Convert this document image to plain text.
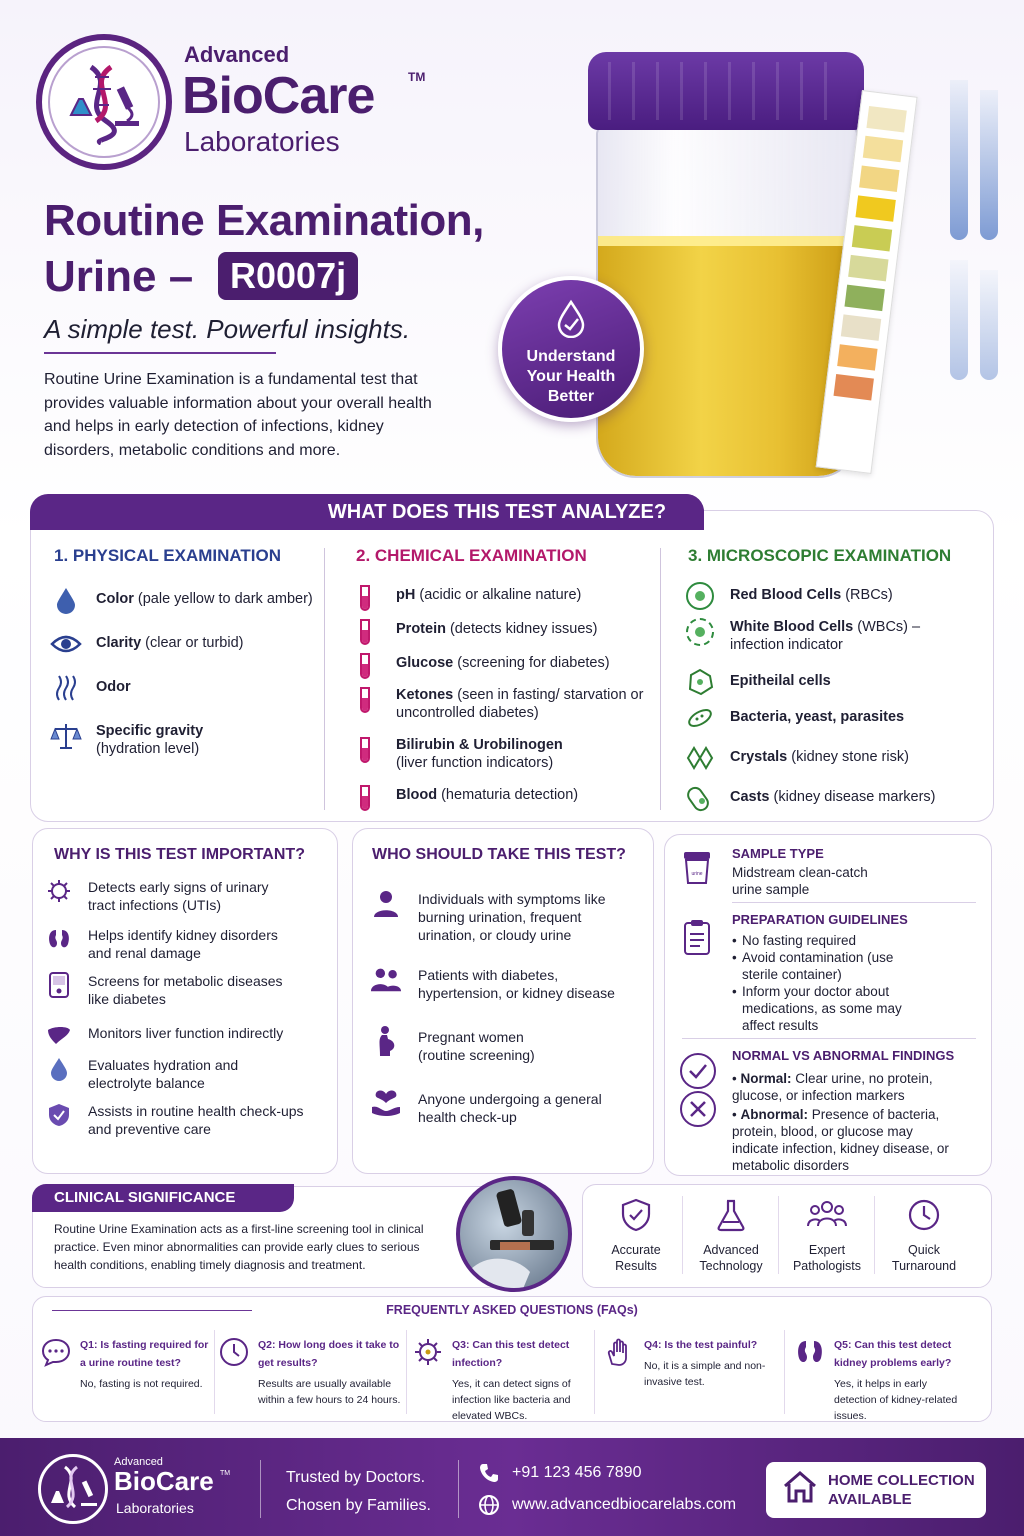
Advanced
BioCare	TM
Laboratories
Routine Examination,
Urine –	R0007j
A simple test. Powerful insights.
Routine Urine Examination is a fundamental test that provides valuable information about your overall health and helps in early detection of infections, kidney disorders, metabolic conditions and more.
Understand Your Health Better
WHAT DOES THIS TEST ANALYZE?
1. PHYSICAL EXAMINATION
Color (pale yellow to dark amber)
Clarity (clear or turbid)
Odor
Specific gravity
(hydration level)
2. CHEMICAL EXAMINATION
pH (acidic or alkaline nature)
Protein (detects kidney issues)
Glucose (screening for diabetes)
Ketones (seen in fasting/ starvation or uncontrolled diabetes)
Bilirubin & Urobilinogen
(liver function indicators)
Blood (hematuria detection)
3. MICROSCOPIC EXAMINATION
Red Blood Cells (RBCs)
White Blood Cells (WBCs) – infection indicator
Epitheilal cells
Bacteria, yeast, parasites
Crystals (kidney stone risk)
Casts (kidney disease markers)
WHY IS THIS TEST IMPORTANT?
Detects early signs of urinary tract infections (UTIs)
Helps identify kidney disorders and renal damage
Screens for metabolic diseases like diabetes
Monitors liver function indirectly
Evaluates hydration and electrolyte balance
Assists in routine health check-ups and preventive care
WHO SHOULD TAKE THIS TEST?
Individuals with symptoms like burning urination, frequent urination, or cloudy urine
Patients with diabetes, hypertension, or kidney disease
Pregnant women (routine screening)
Anyone undergoing a general health check-up
urine
SAMPLE TYPE
Midstream clean-catch urine sample
PREPARATION GUIDELINES
• No fasting required
• Avoid contamination (use sterile container)
• Inform your doctor about medications, as some may affect results
NORMAL VS ABNORMAL FINDINGS
• Normal: Clear urine, no protein, glucose, or infection markers
• Abnormal: Presence of bacteria, protein, blood, or glucose may indicate infection, kidney disease, or metabolic disorders
CLINICAL SIGNIFICANCE
Routine Urine Examination acts as a first-line screening tool in clinical practice. Even minor abnormalities can provide early clues to serious health conditions, enabling timely diagnosis and treatment.
Accurate Results
Advanced Technology
Expert Pathologists
Quick Turnaround
FREQUENTLY ASKED QUESTIONS (FAQs)
Q1: Is fasting required for a urine routine test?
No, fasting is not required.
Q2: How long does it take to get results?
Results are usually available within a few hours to 24 hours.
Q3: Can this test detect infection?
Yes, it can detect signs of infection like bacteria and elevated WBCs.
Q4: Is the test painful?
No, it is a simple and non-invasive test.
Q5: Can this test detect kidney problems early?
Yes, it helps in early detection of kidney-related issues.
Advanced
BioCare TM
Laboratories
Trusted by Doctors.
Chosen by Families.
+91 123 456 7890
www.advancedbiocarelabs.com
HOME COLLECTION
AVAILABLE
